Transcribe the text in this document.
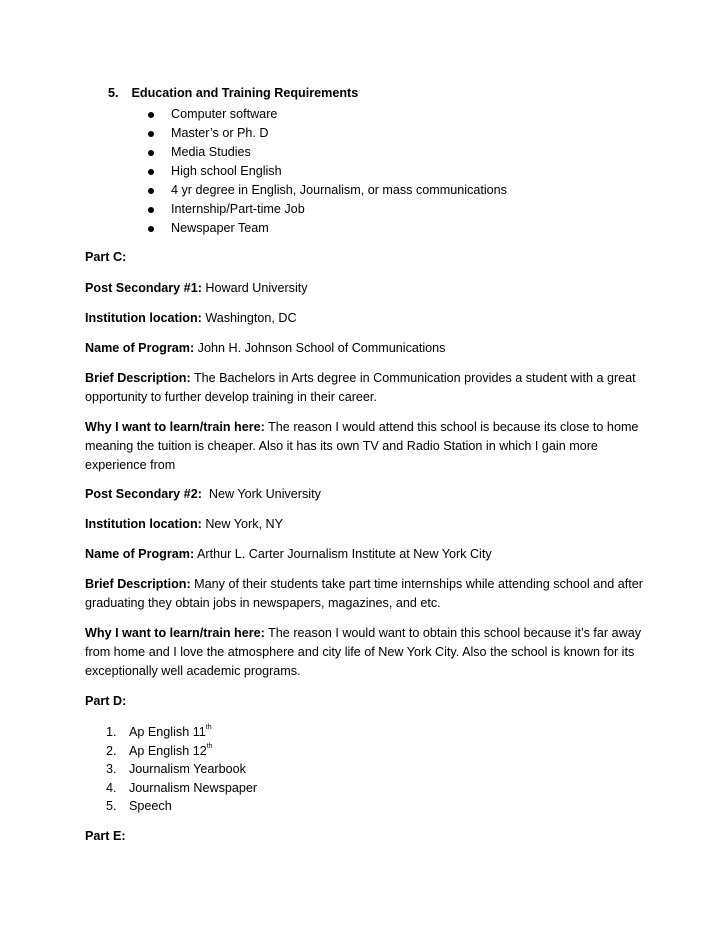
5. Education and Training Requirements
Computer software
Master’s or Ph. D
Media Studies
High school English
4 yr degree in English, Journalism, or mass communications
Internship/Part-time Job
Newspaper Team

Part C:

Post Secondary #1: Howard University

Institution location: Washington, DC

Name of Program: John H. Johnson School of Communications

Brief Description: The Bachelors in Arts degree in Communication provides a student with a great opportunity to further develop training in their career.

Why I want to learn/train here: The reason I would attend this school is because its close to home meaning the tuition is cheaper. Also it has its own TV and Radio Station in which I gain more experience from

Post Secondary #2:  New York University

Institution location: New York, NY

Name of Program: Arthur L. Carter Journalism Institute at New York City

Brief Description: Many of their students take part time internships while attending school and after graduating they obtain jobs in newspapers, magazines, and etc.

Why I want to learn/train here: The reason I would want to obtain this school because it’s far away from home and I love the atmosphere and city life of New York City. Also the school is known for its exceptionally well academic programs.

Part D:

1. Ap English 11th
2. Ap English 12th
3. Journalism Yearbook
4. Journalism Newspaper
5. Speech

Part E:
